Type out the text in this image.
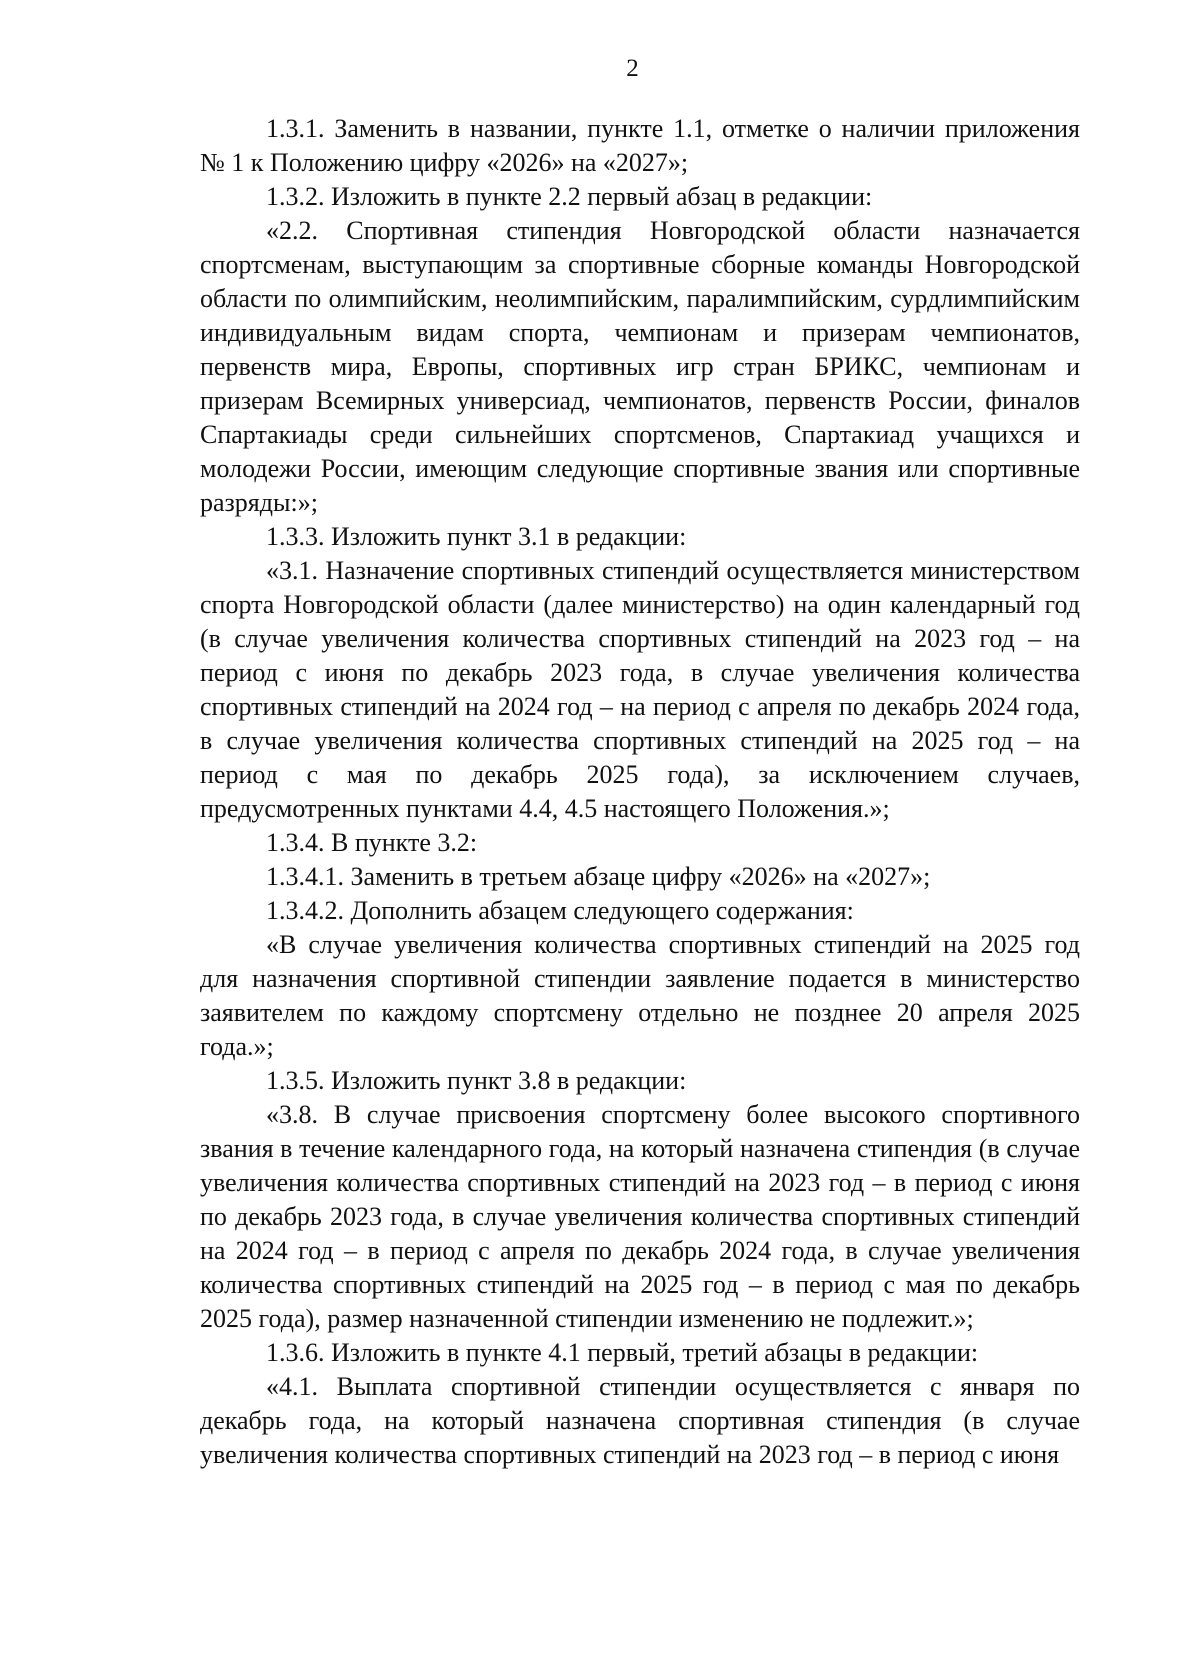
2

1.3.1. Заменить в названии, пункте 1.1, отметке о наличии приложения № 1 к Положению цифру «2026» на «2027»;

1.3.2. Изложить в пункте 2.2 первый абзац в редакции:

«2.2. Спортивная стипендия Новгородской области назначается спортсменам, выступающим за спортивные сборные команды Новгородской области по олимпийским, неолимпийским, паралимпийским, сурдлимпийским индивидуальным видам спорта, чемпионам и призерам чемпионатов, первенств мира, Европы, спортивных игр стран БРИКС, чемпионам и призерам Всемирных универсиад, чемпионатов, первенств России, финалов Спартакиады среди сильнейших спортсменов, Спартакиад учащихся и молодежи России, имеющим следующие спортивные звания или спортивные разряды:»;

1.3.3. Изложить пункт 3.1 в редакции:

«3.1. Назначение спортивных стипендий осуществляется министерством спорта Новгородской области (далее министерство) на один календарный год (в случае увеличения количества спортивных стипендий на 2023 год – на период с июня по декабрь 2023 года, в случае увеличения количества спортивных стипендий на 2024 год – на период с апреля по декабрь 2024 года, в случае увеличения количества спортивных стипендий на 2025 год – на период с мая по декабрь 2025 года), за исключением случаев, предусмотренных пунктами 4.4, 4.5 настоящего Положения.»;

1.3.4. В пункте 3.2:

1.3.4.1. Заменить в третьем абзаце цифру «2026» на «2027»;

1.3.4.2. Дополнить абзацем следующего содержания:

«В случае увеличения количества спортивных стипендий на 2025 год для назначения спортивной стипендии заявление подается в министерство заявителем по каждому спортсмену отдельно не позднее 20 апреля 2025 года.»;

1.3.5. Изложить пункт 3.8 в редакции:

«3.8. В случае присвоения спортсмену более высокого спортивного звания в течение календарного года, на который назначена стипендия (в случае увеличения количества спортивных стипендий на 2023 год – в период с июня по декабрь 2023 года, в случае увеличения количества спортивных стипендий на 2024 год – в период с апреля по декабрь 2024 года, в случае увеличения количества спортивных стипендий на 2025 год – в период с мая по декабрь 2025 года), размер назначенной стипендии изменению не подлежит.»;

1.3.6. Изложить в пункте 4.1 первый, третий абзацы в редакции:

«4.1. Выплата спортивной стипендии осуществляется с января по декабрь года, на который назначена спортивная стипендия (в случае увеличения количества спортивных стипендий на 2023 год – в период с июня
